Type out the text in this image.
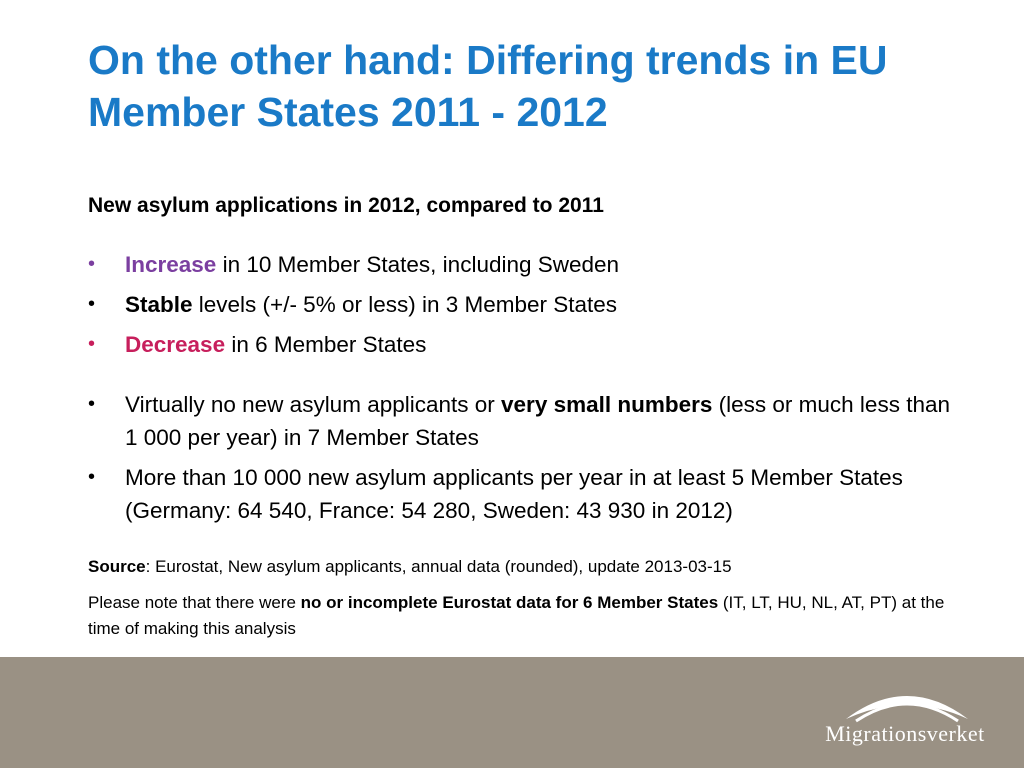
On the other hand: Differing trends in EU Member States 2011 - 2012

New asylum applications in 2012, compared to 2011

• Increase in 10 Member States, including Sweden
• Stable levels (+/- 5% or less) in 3 Member States
• Decrease in 6 Member States
• Virtually no new asylum applicants or very small numbers (less or much less than 1 000 per year) in 7 Member States
• More than 10 000 new asylum applicants per year in at least 5 Member States (Germany: 64 540, France: 54 280, Sweden: 43 930 in 2012)

Source: Eurostat, New asylum applicants, annual data (rounded), update 2013-03-15

Please note that there were no or incomplete Eurostat data for 6 Member States (IT, LT, HU, NL, AT, PT) at the time of making this analysis

Migrationsverket
